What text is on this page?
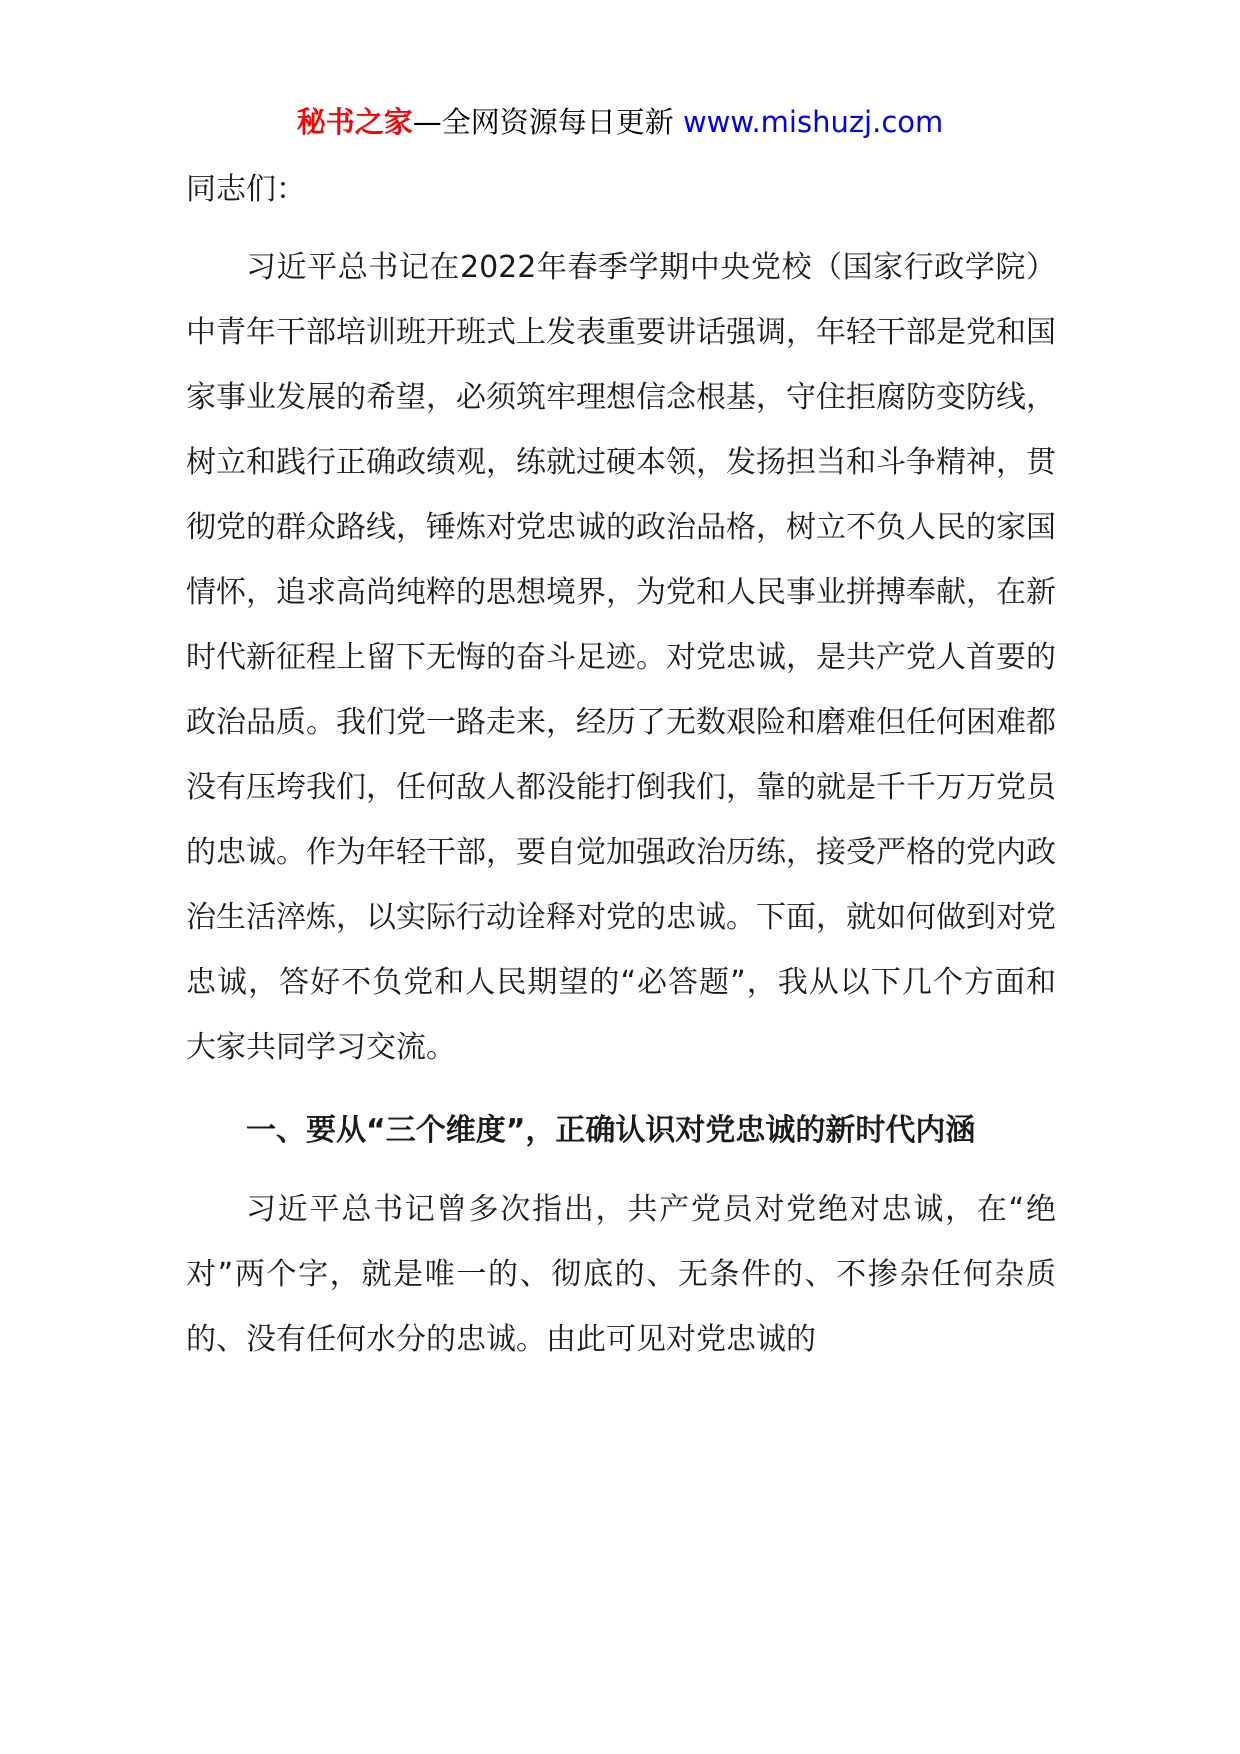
秘书之家—全网资源每日更新 www.mishuzj.com

同志们：

习近平总书记在2022年春季学期中央党校（国家行政学院）中青年干部培训班开班式上发表重要讲话强调，年轻干部是党和国家事业发展的希望，必须筑牢理想信念根基，守住拒腐防变防线，树立和践行正确政绩观，练就过硬本领，发扬担当和斗争精神，贯彻党的群众路线，锤炼对党忠诚的政治品格，树立不负人民的家国情怀，追求高尚纯粹的思想境界，为党和人民事业拼搏奉献，在新时代新征程上留下无悔的奋斗足迹。对党忠诚，是共产党人首要的政治品质。我们党一路走来，经历了无数艰险和磨难但任何困难都没有压垮我们，任何敌人都没能打倒我们，靠的就是千千万万党员的忠诚。作为年轻干部，要自觉加强政治历练，接受严格的党内政治生活淬炼，以实际行动诠释对党的忠诚。下面，就如何做到对党忠诚，答好不负党和人民期望的“必答题”，我从以下几个方面和大家共同学习交流。

一、要从“三个维度”，正确认识对党忠诚的新时代内涵

习近平总书记曾多次指出，共产党员对党绝对忠诚，在“绝对”两个字，就是唯一的、彻底的、无条件的、不掺杂任何杂质的、没有任何水分的忠诚。由此可见对党忠诚的
